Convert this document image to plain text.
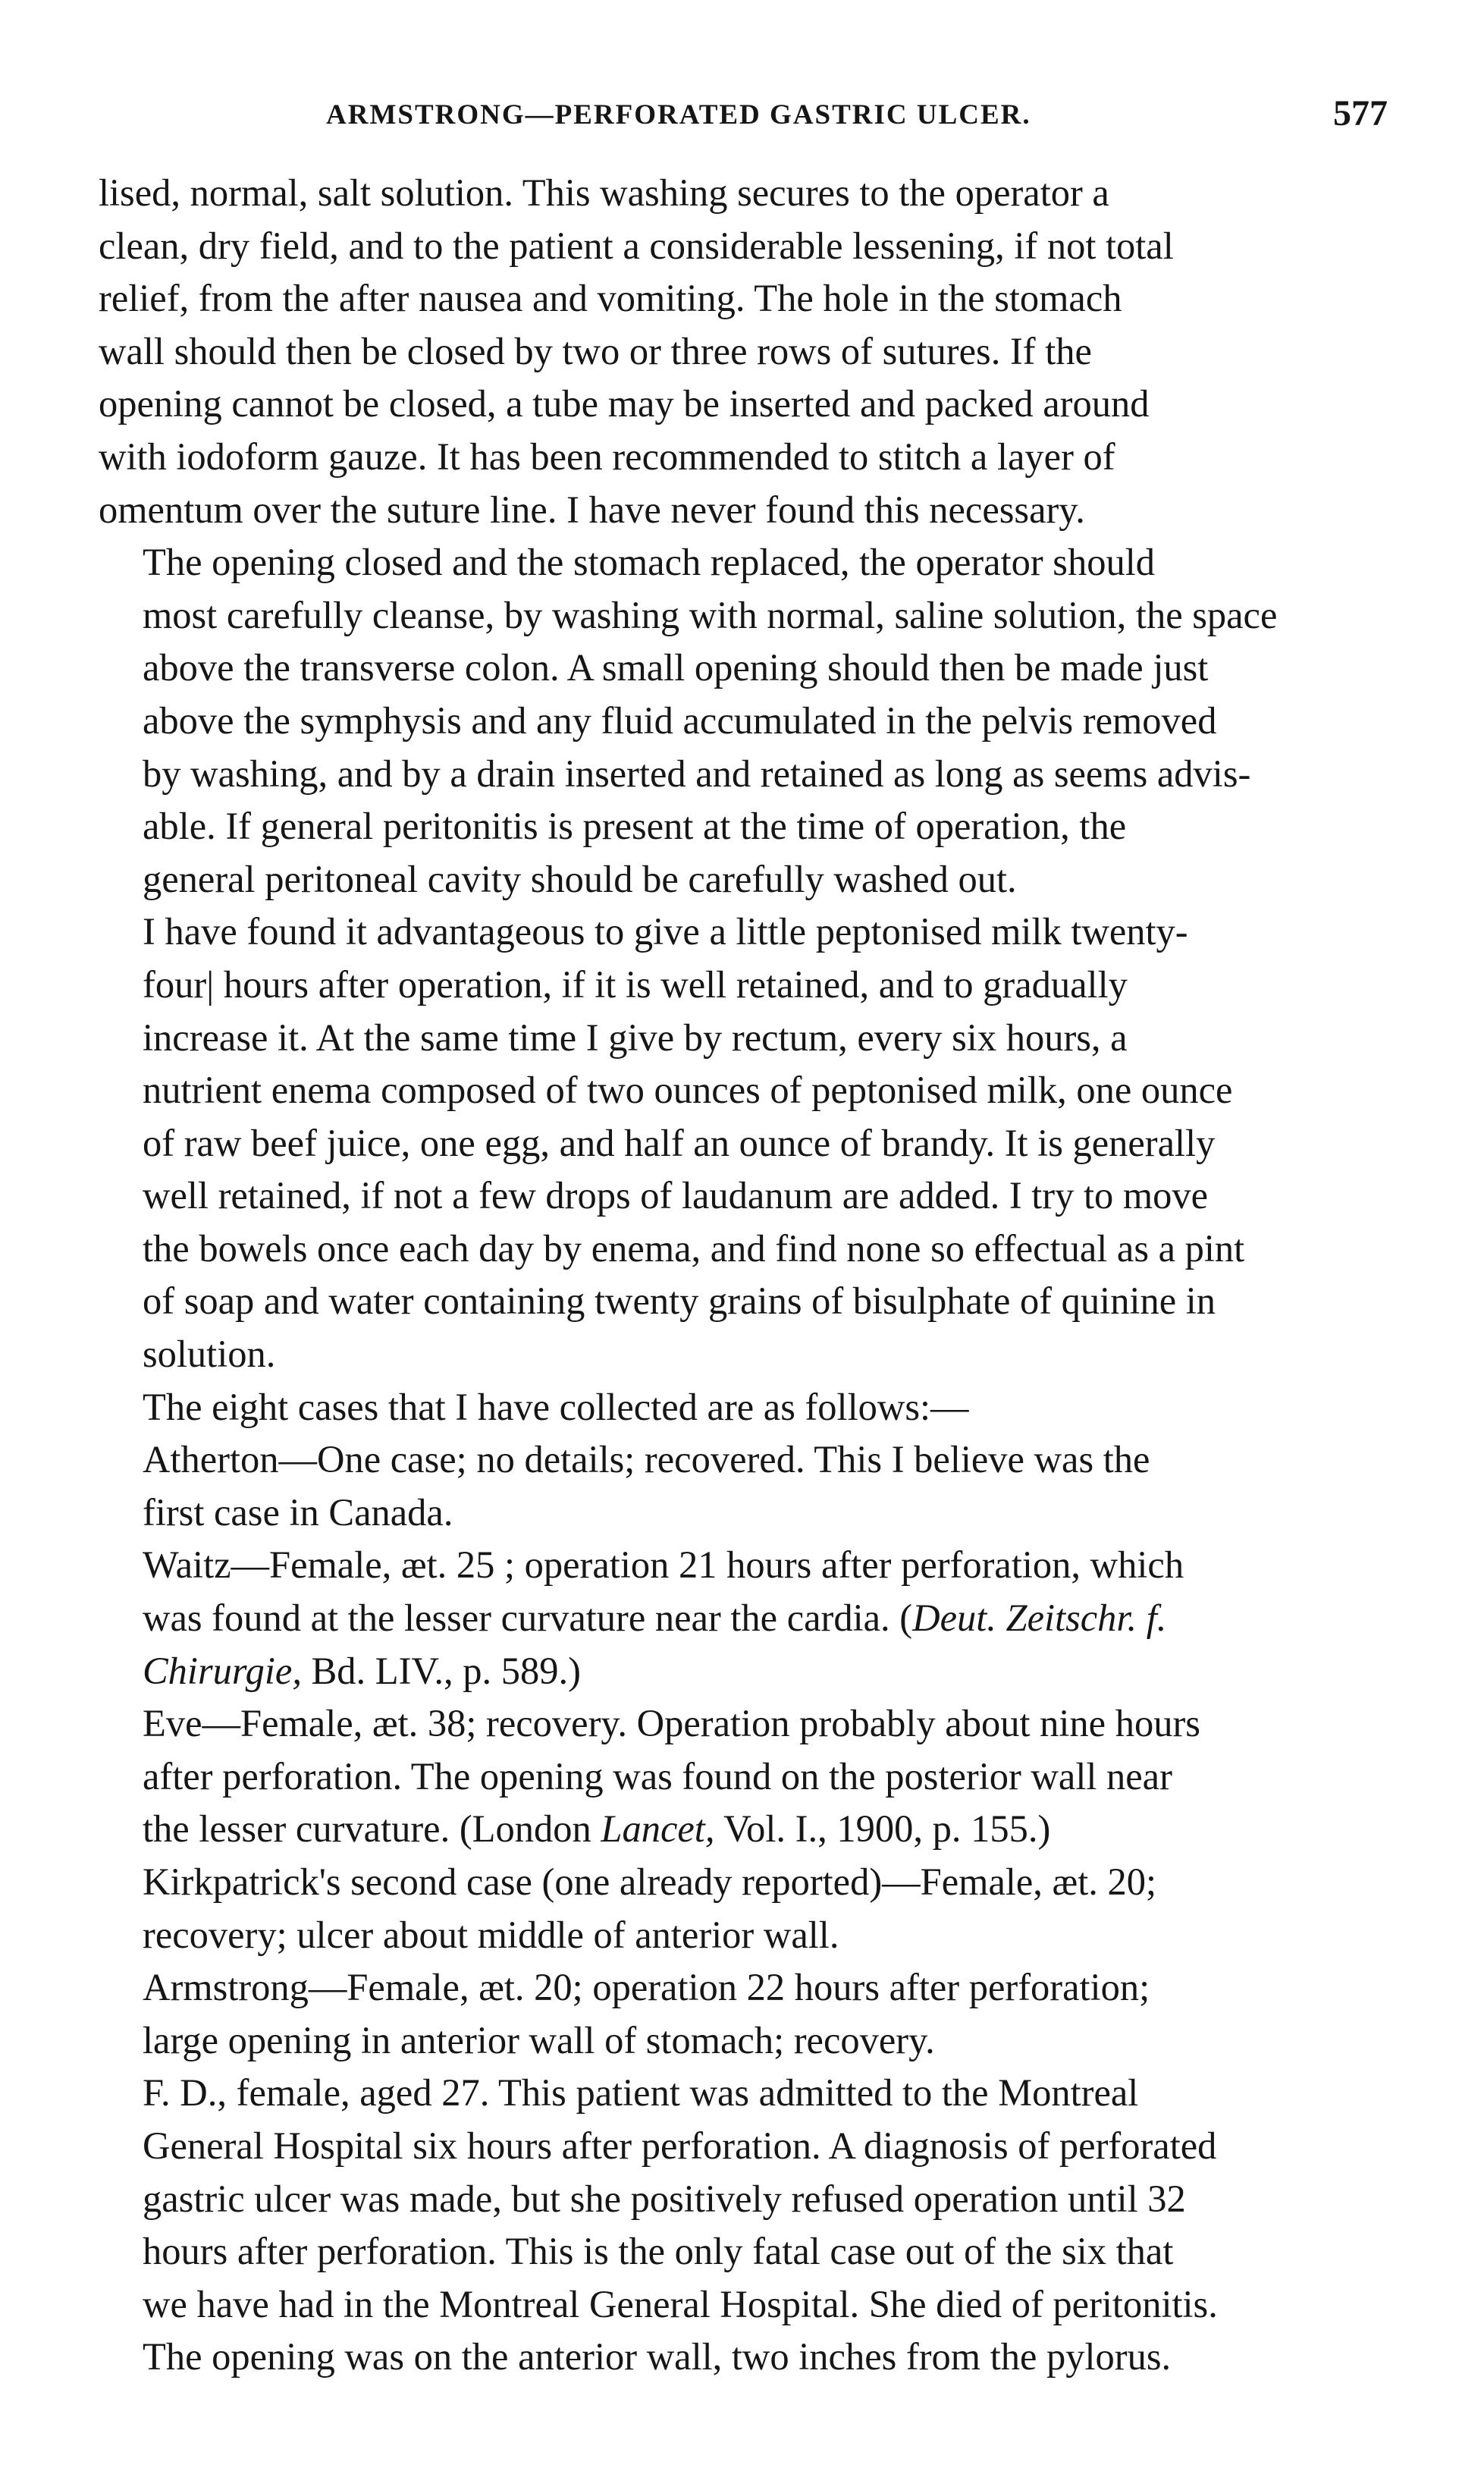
ARMSTRONG—PERFORATED GASTRIC ULCER.	577

lised, normal, salt solution. This washing secures to the operator a
clean, dry field, and to the patient a considerable lessening, if not total
relief, from the after nausea and vomiting. The hole in the stomach
wall should then be closed by two or three rows of sutures. If the
opening cannot be closed, a tube may be inserted and packed around
with iodoform gauze. It has been recommended to stitch a layer of
omentum over the suture line. I have never found this necessary.

The opening closed and the stomach replaced, the operator should
most carefully cleanse, by washing with normal, saline solution, the space
above the transverse colon. A small opening should then be made just
above the symphysis and any fluid accumulated in the pelvis removed
by washing, and by a drain inserted and retained as long as seems advis-
able. If general peritonitis is present at the time of operation, the
general peritoneal cavity should be carefully washed out.

I have found it advantageous to give a little peptonised milk twenty-
four| hours after operation, if it is well retained, and to gradually
increase it. At the same time I give by rectum, every six hours, a
nutrient enema composed of two ounces of peptonised milk, one ounce
of raw beef juice, one egg, and half an ounce of brandy. It is generally
well retained, if not a few drops of laudanum are added. I try to move
the bowels once each day by enema, and find none so effectual as a pint
of soap and water containing twenty grains of bisulphate of quinine in
solution.

The eight cases that I have collected are as follows:—

Atherton—One case; no details; recovered. This I believe was the
first case in Canada.

Waitz—Female, æt. 25 ; operation 21 hours after perforation, which
was found at the lesser curvature near the cardia. (Deut. Zeitschr. f.
Chirurgie, Bd. LIV., p. 589.)

Eve—Female, æt. 38; recovery. Operation probably about nine hours
after perforation. The opening was found on the posterior wall near
the lesser curvature. (London Lancet, Vol. I., 1900, p. 155.)

Kirkpatrick's second case (one already reported)—Female, æt. 20;
recovery; ulcer about middle of anterior wall.

Armstrong—Female, æt. 20; operation 22 hours after perforation;
large opening in anterior wall of stomach; recovery.

F. D., female, aged 27. This patient was admitted to the Montreal
General Hospital six hours after perforation. A diagnosis of perforated
gastric ulcer was made, but she positively refused operation until 32
hours after perforation. This is the only fatal case out of the six that
we have had in the Montreal General Hospital. She died of peritonitis.
The opening was on the anterior wall, two inches from the pylorus.
